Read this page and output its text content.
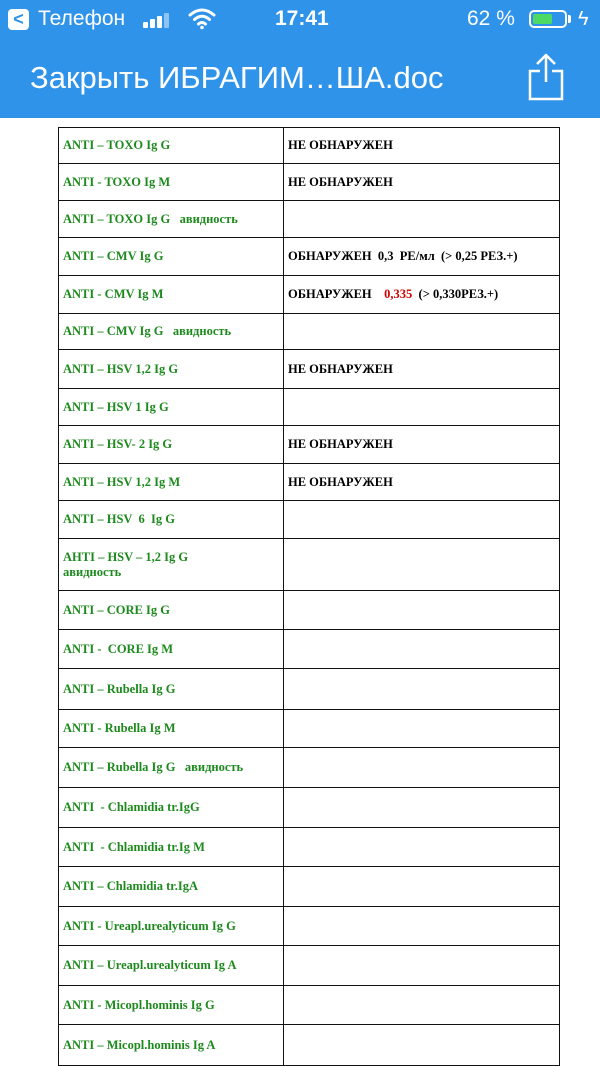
< Телефон	17:41	62 %	ϟ
Закрыть ИБРАГИМ…ША.doc
ANTI – TOXO Ig G	НЕ ОБНАРУЖЕН
ANTI - TOXO Ig M	НЕ ОБНАРУЖЕН
ANTI – TOXO Ig G   авидность	
ANTI – CMV Ig G	ОБНАРУЖЕН  0,3  РЕ/мл  (> 0,25 РЕЗ.+)
ANTI - CMV Ig M	ОБНАРУЖЕН    0,335  (> 0,330РЕЗ.+)
ANTI – CMV Ig G   авидность	
ANTI – HSV 1,2 Ig G	НЕ ОБНАРУЖЕН
ANTI – HSV 1 Ig G	
ANTI – HSV- 2 Ig G	НЕ ОБНАРУЖЕН
ANTI – HSV 1,2 Ig M	НЕ ОБНАРУЖЕН
ANTI – HSV  6  Ig G	

АНТI – HSV – 1,2 Ig G
авидность	

ANTI – CORE Ig G	
ANTI -  CORE Ig M	
ANTI – Rubella Ig G	
ANTI - Rubella Ig M	
ANTI – Rubella Ig G   авидность	
ANTI  - Chlamidia tr.IgG	
ANTI  - Chlamidia tr.Ig M	
ANTI – Chlamidia tr.IgA	
ANTI - Ureapl.urealyticum Ig G	
ANTI – Ureapl.urealyticum Ig A	
ANTI - Micopl.hominis Ig G	
ANTI – Micopl.hominis Ig A	
